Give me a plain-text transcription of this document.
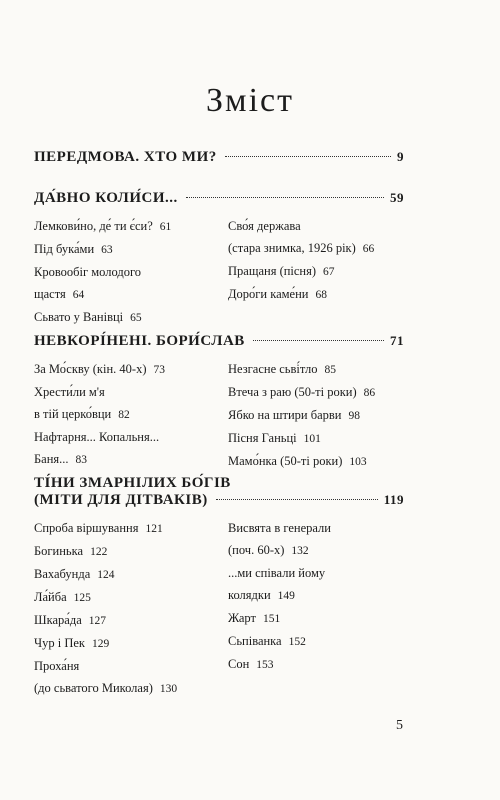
Зміст
ПЕРЕДМОВА. ХТО МИ?	9
ДА́ВНО КОЛИ́СИ...	59
Лемкови́но, де́ ти є́си? 61
Під бука́ми 63
Кровообіг молодого
щастя 64
Сьвато у Ванівці 65
Сво́я держава
(стара знимка, 1926 рік) 66
Пращаня (пісня) 67
Доро́ги каме́ни 68
НЕВКОРІ́НЕНІ. БОРИ́СЛАВ	71
За Мо́скву (кін. 40-х) 73
Хрести́ли м'я
в тій церко́вци 82
Нафтарня... Копальня...
Баня... 83
Незгасне сьві́тло 85
Втеча з раю (50-ті роки) 86
Ябко на штири барви 98
Пісня Ганьці 101
Мамо́нка (50-ті роки) 103
ТІ́НИ ЗМАРНІЛИХ БО́ГІВ
(МІТИ ДЛЯ ДІТВАКІВ)	119
Спроба віршування 121
Богинька 122
Вахабунда 124
Ла́йба 125
Шкара́да 127
Чур і Пек 129
Проха́ня
(до сьватого Миколая) 130
Висвята в генерали
(поч. 60-х) 132
...ми співали йому
колядки 149
Жарт 151
Сьпіванка 152
Сон 153
5
